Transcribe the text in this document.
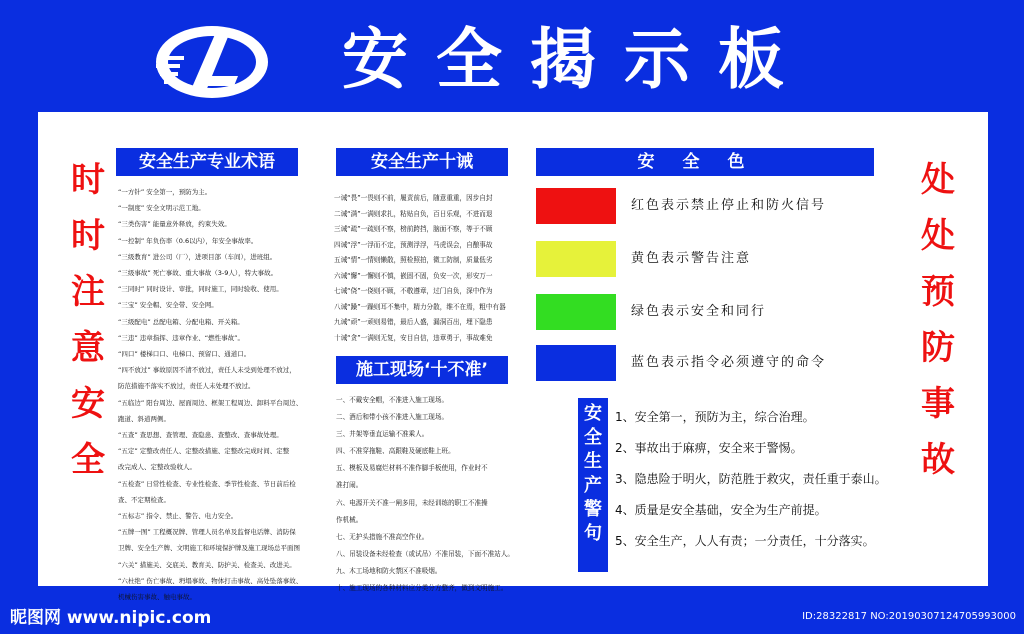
安全揭示板
时时注意安全
处处预防事故
安全生产专业术语
“一方针” 安全第一，预防为主。
“一制度” 安全文明示范工地。
“三类伤害” 能量意外释放，约束失效。
“一控制” 年负伤率（0.6以内），年安全事故率。
“三级教育” 进公司（厂），进项目部（车间），进班组。
“三级事故” 死亡事故、重大事故（3-9人），特大事故。
“三同时” 同时设计、审批，同时施工，同时验收、使用。
“三宝” 安全帽、安全带、安全网。
“三级配电” 总配电箱、分配电箱、开关箱。
“三违” 违章指挥、违章作业、“燃性事故”。
“四口” 楼梯口口、电梯口、预留口、通道口。
“四不放过” 事故原因不清不放过，责任人未受到处理不放过，
防范措施不落实不放过，责任人未处理不放过。
“五临边” 阳台周边、屋面周边、框架工程周边、卸料平台周边、
跑道、斜道两侧。
“五查” 查思想、查管理、查隐患、查整改、查事故处理。
“五定” 定整改责任人、定整改措施、定整改完成时间、定整
改完成人、定整改验收人。
“五检查” 日常性检查、专业性检查、季节性检查、节日前后检
查、不定期检查。
“五标志” 指令、禁止、警告、电力安全。
“五牌一图” 工程概况牌、管理人员名单及监督电话牌、消防保
卫牌、安全生产牌、文明施工和环境保护牌及施工现场总平面图
“六关” 措施关、交底关、教育关、防护关、检查关、改进关。
“六杜绝” 伤亡事故、坍塌事故、物体打击事故、高处坠落事故、
机械伤害事故、触电事故。
安全生产十诫
一诫“畏”一畏则不前，履责前后，随意重重，因步自封
二诫“满”一满则求扎，粘贴自负，百日乐观，不进而退
三诫“疏”一疏则不察，榜前跨挡，脑面不察，等于不顾
四诫“浮”一浮而不定，预测浮浮，马虎误会，自酿事故
五诫“情”一情则懒散，照检照拍，微工防制，质量低劣
六诫“懈”一懈则不慎，嵌固不固，负安一次，形安万一
七诫“侥”一侥则不顾，不敬遵章，过门自负，深中作为
八诫“躁”一躁则耳不集中，精力分散，维不在焉，粗中有器
九诫“顽”一顽则易错，最后人盛，漏洞百出，埋下隐患
十诫“贪”一满则无复，安目自信，违章勇于，事故难免
施工现场‘十不准’
一、不戴安全帽，不准进入施工现场。
二、酒后和带小孩不准进入施工现场。
三、井架等垂直运输不准乘人。
四、不准穿拖鞋、高跟鞋及硬底鞋上班。
五、模板及易腐烂材料不准作脚手板使用，作业时不
准打闹。
六、电源开关不准一闸多用，未经训练的职工不准操
作机械。
七、无护头措施不准高空作业。
八、吊装设备未经检查（或试吊）不准吊装，下面不准站人。
九、木工场地和防火禁区不准吸烟。
十、施工现场的各种材料应分类分方整齐，做到文明施工。
安全色
红色表示禁止停止和防火信号
黄色表示警告注意
绿色表示安全和同行
蓝色表示指令必须遵守的命令
安全生产警句
1、安全第一，预防为主，综合治理。
2、事故出于麻痹，安全来于警惕。
3、隐患险于明火，防范胜于救灾，责任重于泰山。
4、质量是安全基础，安全为生产前提。
5、安全生产，人人有责；一分责任，十分落实。
昵图网 www.nipic.com	ID:28322817 NO:20190307124705993000
